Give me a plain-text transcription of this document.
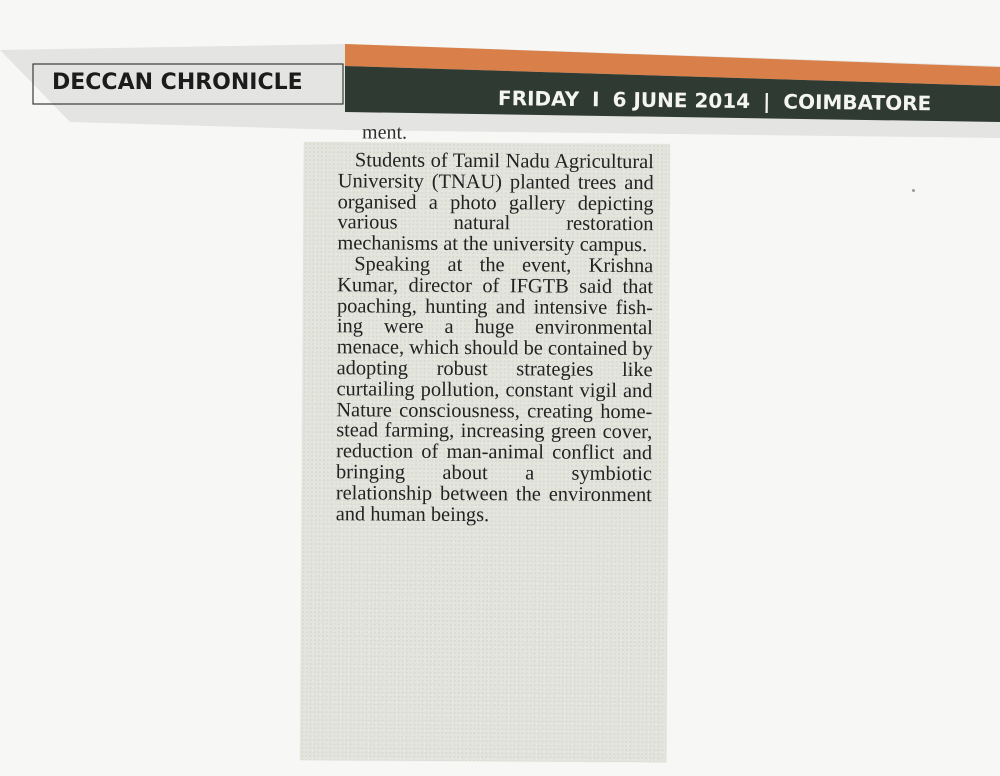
DECCAN CHRONICLE
FRIDAY I 6 JUNE 2014 | COIMBATORE
ment.

Students of Tamil Nadu Agricultural University (TNAU) planted trees and organised a photo gallery depicting various natural restoration mechanisms at the university campus.

Speaking at the event, Krishna Kumar, director of IFGTB said that poaching, hunting and intensive fishing were a huge environmental menace, which should be contained by adopting robust strategies like curtailing pollution, constant vigil and Nature consciousness, creating homestead farming, increasing green cover, reduction of man-animal conflict and bringing about a symbiotic relationship between the environment and human beings.
